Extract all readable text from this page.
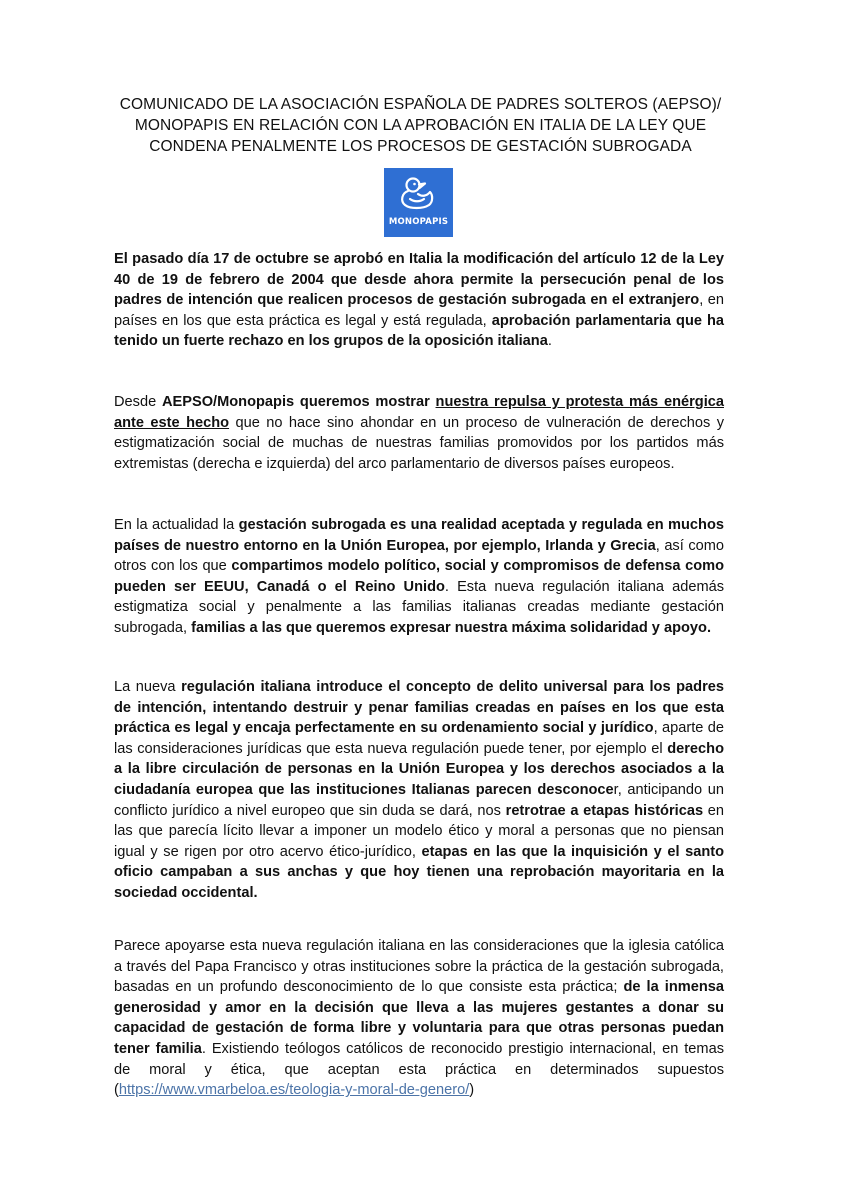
COMUNICADO DE LA ASOCIACIÓN ESPAÑOLA DE PADRES SOLTEROS (AEPSO)/ MONOPAPIS EN RELACIÓN CON LA APROBACIÓN EN ITALIA DE LA LEY QUE CONDENA PENALMENTE LOS PROCESOS DE GESTACIÓN SUBROGADA
MONOPAPIS

El pasado día 17 de octubre se aprobó en Italia la modificación del artículo 12 de la Ley 40 de 19 de febrero de 2004 que desde ahora permite la persecución penal de los padres de intención que realicen procesos de gestación subrogada en el extranjero, en países en los que esta práctica es legal y está regulada, aprobación parlamentaria que ha tenido un fuerte rechazo en los grupos de la oposición italiana.

Desde AEPSO/Monopapis queremos mostrar nuestra repulsa y protesta más enérgica ante este hecho que no hace sino ahondar en un proceso de vulneración de derechos y estigmatización social de muchas de nuestras familias promovidos por los partidos más extremistas (derecha e izquierda) del arco parlamentario de diversos países europeos.

En la actualidad la gestación subrogada es una realidad aceptada y regulada en muchos países de nuestro entorno en la Unión Europea, por ejemplo, Irlanda y Grecia, así como otros con los que compartimos modelo político, social y compromisos de defensa como pueden ser EEUU, Canadá o el Reino Unido. Esta nueva regulación italiana además estigmatiza social y penalmente a las familias italianas creadas mediante gestación subrogada, familias a las que queremos expresar nuestra máxima solidaridad y apoyo.

La nueva regulación italiana introduce el concepto de delito universal para los padres de intención, intentando destruir y penar familias creadas en países en los que esta práctica es legal y encaja perfectamente en su ordenamiento social y jurídico, aparte de las consideraciones jurídicas que esta nueva regulación puede tener, por ejemplo el derecho a la libre circulación de personas en la Unión Europea y los derechos asociados a la ciudadanía europea que las instituciones Italianas parecen desconocer, anticipando un conflicto jurídico a nivel europeo que sin duda se dará, nos retrotrae a etapas históricas en las que parecía lícito llevar a imponer un modelo ético y moral a personas que no piensan igual y se rigen por otro acervo ético-jurídico, etapas en las que la inquisición y el santo oficio campaban a sus anchas y que hoy tienen una reprobación mayoritaria en la sociedad occidental.

Parece apoyarse esta nueva regulación italiana en las consideraciones que la iglesia católica a través del Papa Francisco y otras instituciones sobre la práctica de la gestación subrogada, basadas en un profundo desconocimiento de lo que consiste esta práctica; de la inmensa generosidad y amor en la decisión que lleva a las mujeres gestantes a donar su capacidad de gestación de forma libre y voluntaria para que otras personas puedan tener familia. Existiendo teólogos católicos de reconocido prestigio internacional, en temas de moral y ética, que aceptan esta práctica en determinados supuestos (https://www.vmarbeloa.es/teologia-y-moral-de-genero/)
